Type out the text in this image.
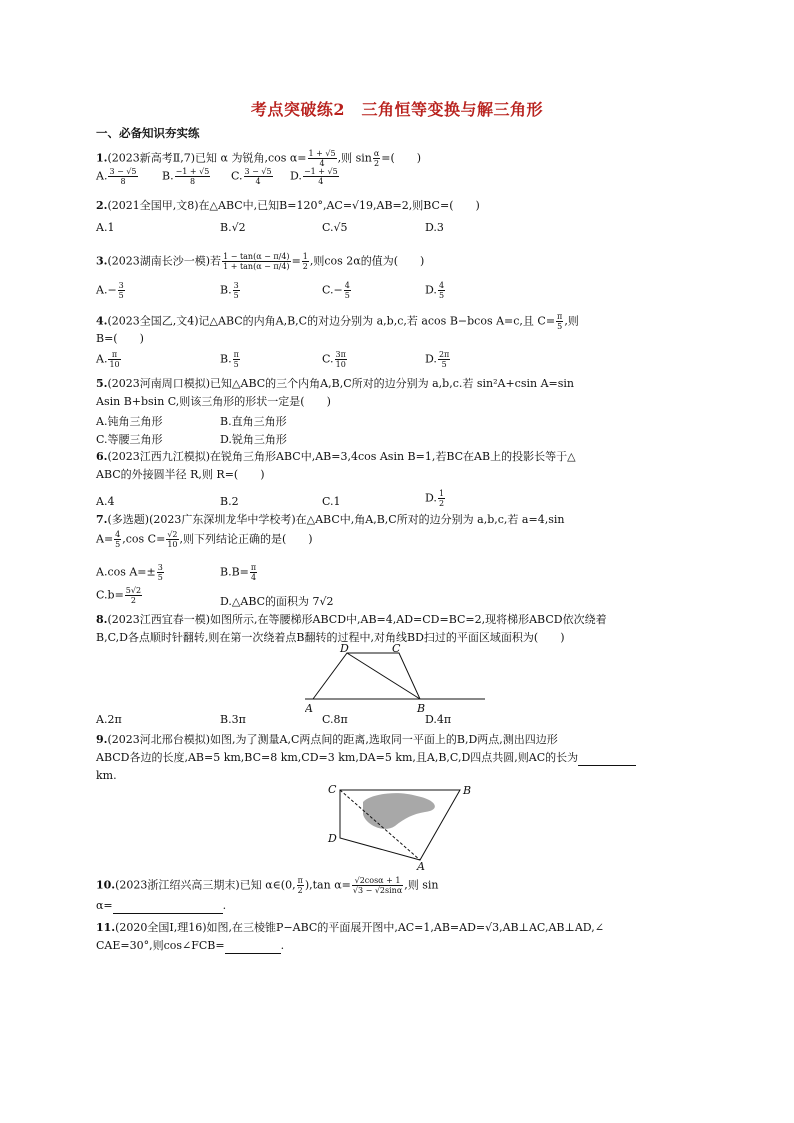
考点突破练2　三角恒等变换与解三角形
一、必备知识夯实练
1.(2023新高考Ⅱ,7)已知 α 为锐角,cos $\alpha= \frac{1 + √5}{4}$ ,则 $\sin \frac{\alpha}{2}$ =(　　)
A. $\frac{3 - √5}{8} B$. $\frac{-1 + √5}{8} C$. $\frac{3 - √5}{4} D$. $\frac{-1 + √5}{4}$
2.(2021全国甲,文8)在△ABC中,已知B=120°,AC=√19,AB=2,则BC=(　　)
A.1	B.√2	C.√5	D.3
3.(2023湖南长沙一模)若 $\frac{1 - \tan(\alpha - \pi/4)}{1 + \tan(\alpha - \pi/4)} = \frac{1}{2}$ ,则cos 2α的值为(　　)
$A.- \frac{3}{5}$	B. $\frac{3}{5}$	$C.- \frac{4}{5}$	D. $\frac{4}{5}$
4.(2023全国乙,文4)记△ABC的内角A,B,C的对边分别为 a,b,c,若 acos B−bcos A=c,且 $C= \frac{\pi}{5}$ ,则
B=(　　)
A. $\frac{\pi}{10}$	B. $\frac{\pi}{5}$	C. $\frac{3\pi}{10}$	D. $\frac{2\pi}{5}$
5.(2023河南周口模拟)已知△ABC的三个内角A,B,C所对的边分别为 a,b,c.若 sin²A+csin A=sin
Asin B+bsin C,则该三角形的形状一定是(　　)
A.钝角三角形	B.直角三角形
C.等腰三角形	D.锐角三角形
6.(2023江西九江模拟)在锐角三角形ABC中,AB=3,4cos Asin B=1,若BC在AB上的投影长等于△
ABC的外接圆半径 R,则 R=(　　)
A.4	B.2	C.1	D. $\frac{1}{2}$
7.(多选题)(2023广东深圳龙华中学校考)在△ABC中,角A,B,C所对的边分别为 a,b,c,若 a=4,sin
$A= \frac{4}{5} ,\cos$ $C= \frac{√2}{10}$ ,则下列结论正确的是(　　)
A.cos $A=\pm \frac{3}{5}$	$B.B= \frac{\pi}{4}$
$C.b= \frac{5√2}{2}$	D.△ABC的面积为 7√2
8.(2023江西宜春一模)如图所示,在等腰梯形ABCD中,AB=4,AD=CD=BC=2,现将梯形ABCD依次绕着
B,C,D各点顺时针翻转,则在第一次绕着点B翻转的过程中,对角线BD扫过的平面区域面积为(　　)
A	B
C
D
A.2π	B.3π	C.8π	D.4π
9.(2023河北邢台模拟)如图,为了测量A,C两点间的距离,选取同一平面上的B,D两点,测出四边形
ABCD各边的长度,AB=5 km,BC=8 km,CD=3 km,DA=5 km,且A,B,C,D四点共圆,则AC的长为
km.
C	B
D
A
10.(2023浙江绍兴高三期末)已知 α∈(0, $\frac{\pi}{2} ),\tan$ $\alpha= \frac{√2\cos\alpha + 1}{√3 - √2\sin\alpha}$ ,则 sin
α=	.
11.(2020全国Ⅰ,理16)如图,在三棱锥P−ABC的平面展开图中,AC=1,AB=AD=√3,AB⊥AC,AB⊥AD,∠
CAE=30°,则cos∠FCB=	.
